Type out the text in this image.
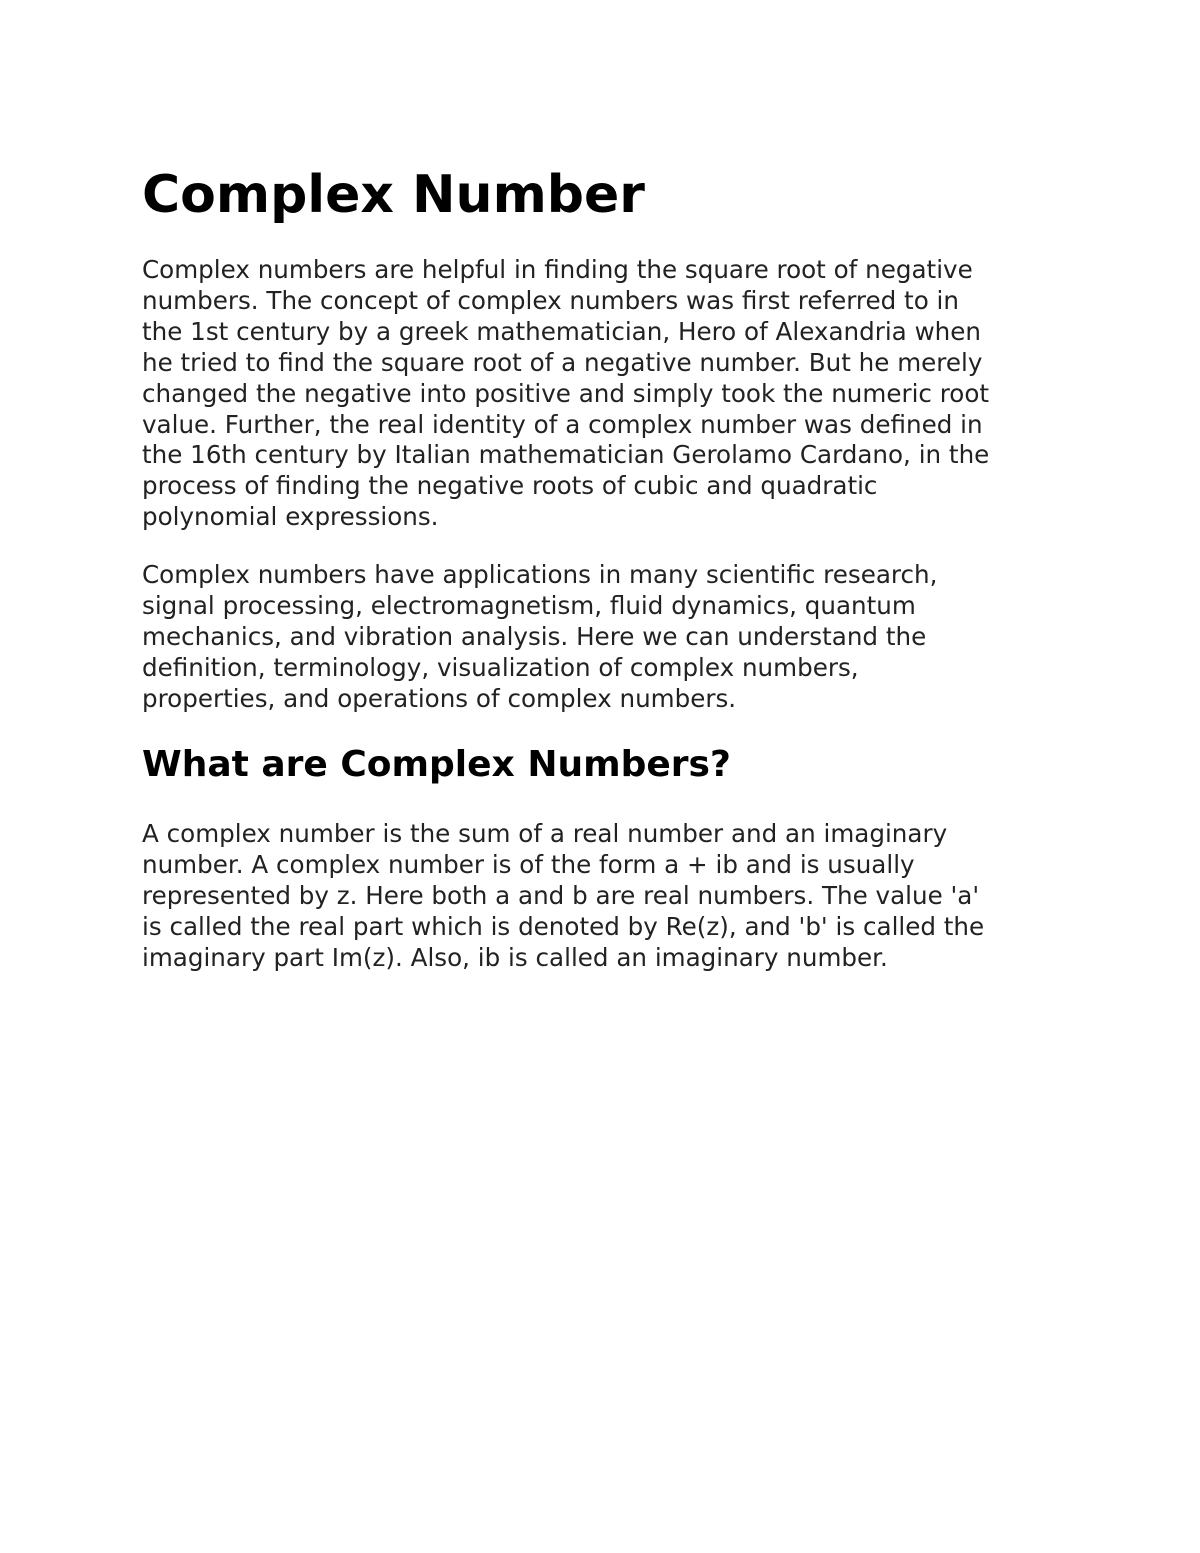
Complex Number

Complex numbers are helpful in finding the square root of negative
numbers. The concept of complex numbers was first referred to in
the 1st century by a greek mathematician, Hero of Alexandria when
he tried to find the square root of a negative number. But he merely
changed the negative into positive and simply took the numeric root
value. Further, the real identity of a complex number was defined in
the 16th century by Italian mathematician Gerolamo Cardano, in the
process of finding the negative roots of cubic and quadratic
polynomial expressions.

Complex numbers have applications in many scientific research,
signal processing, electromagnetism, fluid dynamics, quantum
mechanics, and vibration analysis. Here we can understand the
definition, terminology, visualization of complex numbers,
properties, and operations of complex numbers.

What are Complex Numbers?

A complex number is the sum of a real number and an imaginary
number. A complex number is of the form a + ib and is usually
represented by z. Here both a and b are real numbers. The value 'a'
is called the real part which is denoted by Re(z), and 'b' is called the
imaginary part Im(z). Also, ib is called an imaginary number.
